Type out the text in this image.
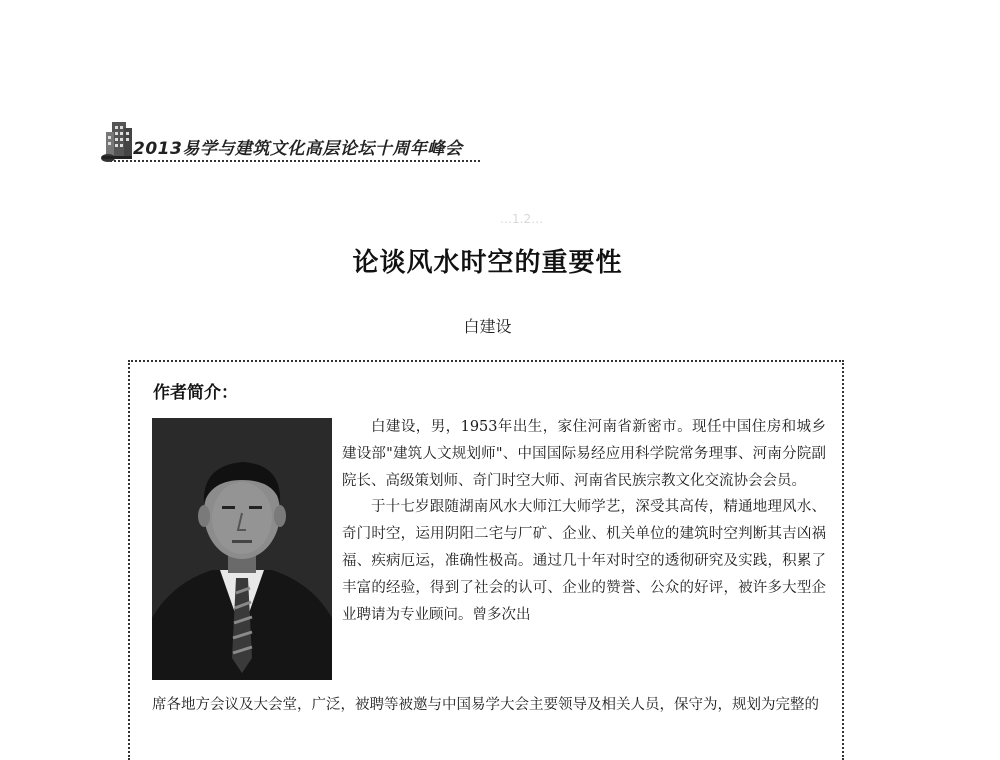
2013易学与建筑文化高层论坛十周年峰会
…1.2…
论谈风水时空的重要性
白建设
作者简介：

白建设，男，1953年出生，家住河南省新密市。现任中国住房和城乡建设部"建筑人文规划师"、中国国际易经应用科学院常务理事、河南分院副院长、高级策划师、奇门时空大师、河南省民族宗教文化交流协会会员。

于十七岁跟随湖南风水大师江大师学艺，深受其高传，精通地理风水、奇门时空，运用阴阳二宅与厂矿、企业、机关单位的建筑时空判断其吉凶祸福、疾病厄运，准确性极高。通过几十年对时空的透彻研究及实践，积累了丰富的经验，得到了社会的认可、企业的赞誉、公众的好评，被许多大型企业聘请为专业顾问。曾多次出

席各地方会议及大会堂，广泛，被聘等被邀与中国易学大会主要领导及相关人员，保守为，规划为完整的
